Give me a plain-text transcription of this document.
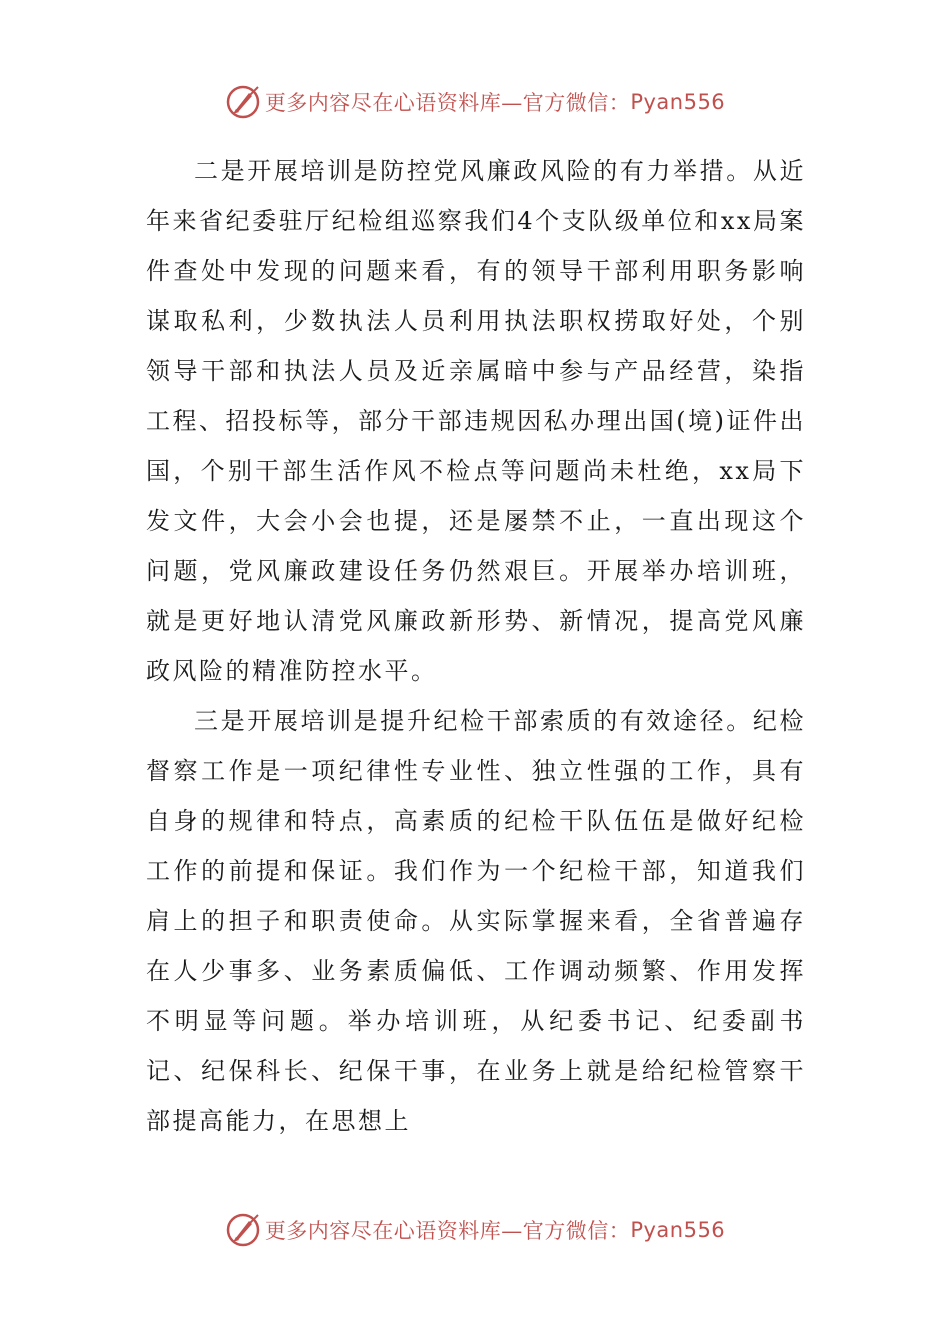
更多内容尽在心语资料库—官方微信： Pyan556

二是开展培训是防控党风廉政风险的有力举措。从近年来省纪委驻厅纪检组巡察我们4个支队级单位和xx局案件查处中发现的问题来看，有的领导干部利用职务影响谋取私利，少数执法人员利用执法职权捞取好处，个别领导干部和执法人员及近亲属暗中参与产品经营，染指工程、招投标等，部分干部违规因私办理出国(境)证件出国，个别干部生活作风不检点等问题尚未杜绝，xx局下发文件，大会小会也提，还是屡禁不止，一直出现这个问题，党风廉政建设任务仍然艰巨。开展举办培训班，就是更好地认清党风廉政新形势、新情况，提高党风廉政风险的精准防控水平。

三是开展培训是提升纪检干部索质的有效途径。纪检督察工作是一项纪律性专业性、独立性强的工作，具有自身的规律和特点，高素质的纪检干队伍伍是做好纪检工作的前提和保证。我们作为一个纪检干部，知道我们肩上的担子和职责使命。从实际掌握来看，全省普遍存在人少事多、业务素质偏低、工作调动频繁、作用发挥不明显等问题。举办培训班，从纪委书记、纪委副书记、纪保科长、纪保干事，在业务上就是给纪检管察干部提高能力，在思想上

更多内容尽在心语资料库—官方微信： Pyan556
